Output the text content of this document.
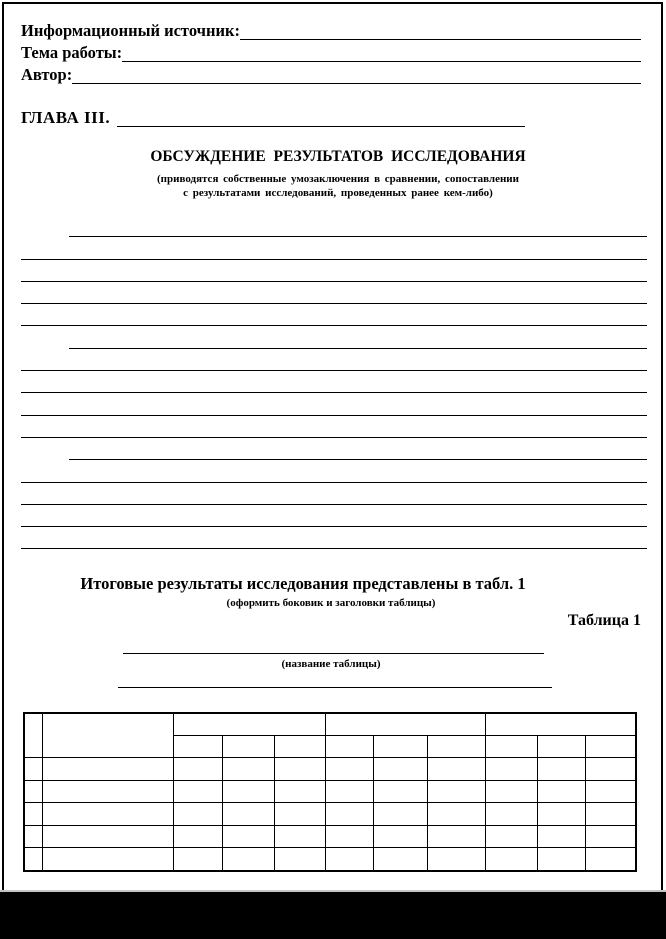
Информационный источник:
Тема работы:
Автор:
ГЛАВА III.
ОБСУЖДЕНИЕ РЕЗУЛЬТАТОВ ИССЛЕДОВАНИЯ
(приводятся собственные умозаключения в сравнении, сопоставлении
с результатами исследований, проведенных ранее кем-либо)
Итоговые результаты исследования представлены в табл. 1
(оформить боковик и заголовки таблицы)
Таблица 1
(название таблицы)
